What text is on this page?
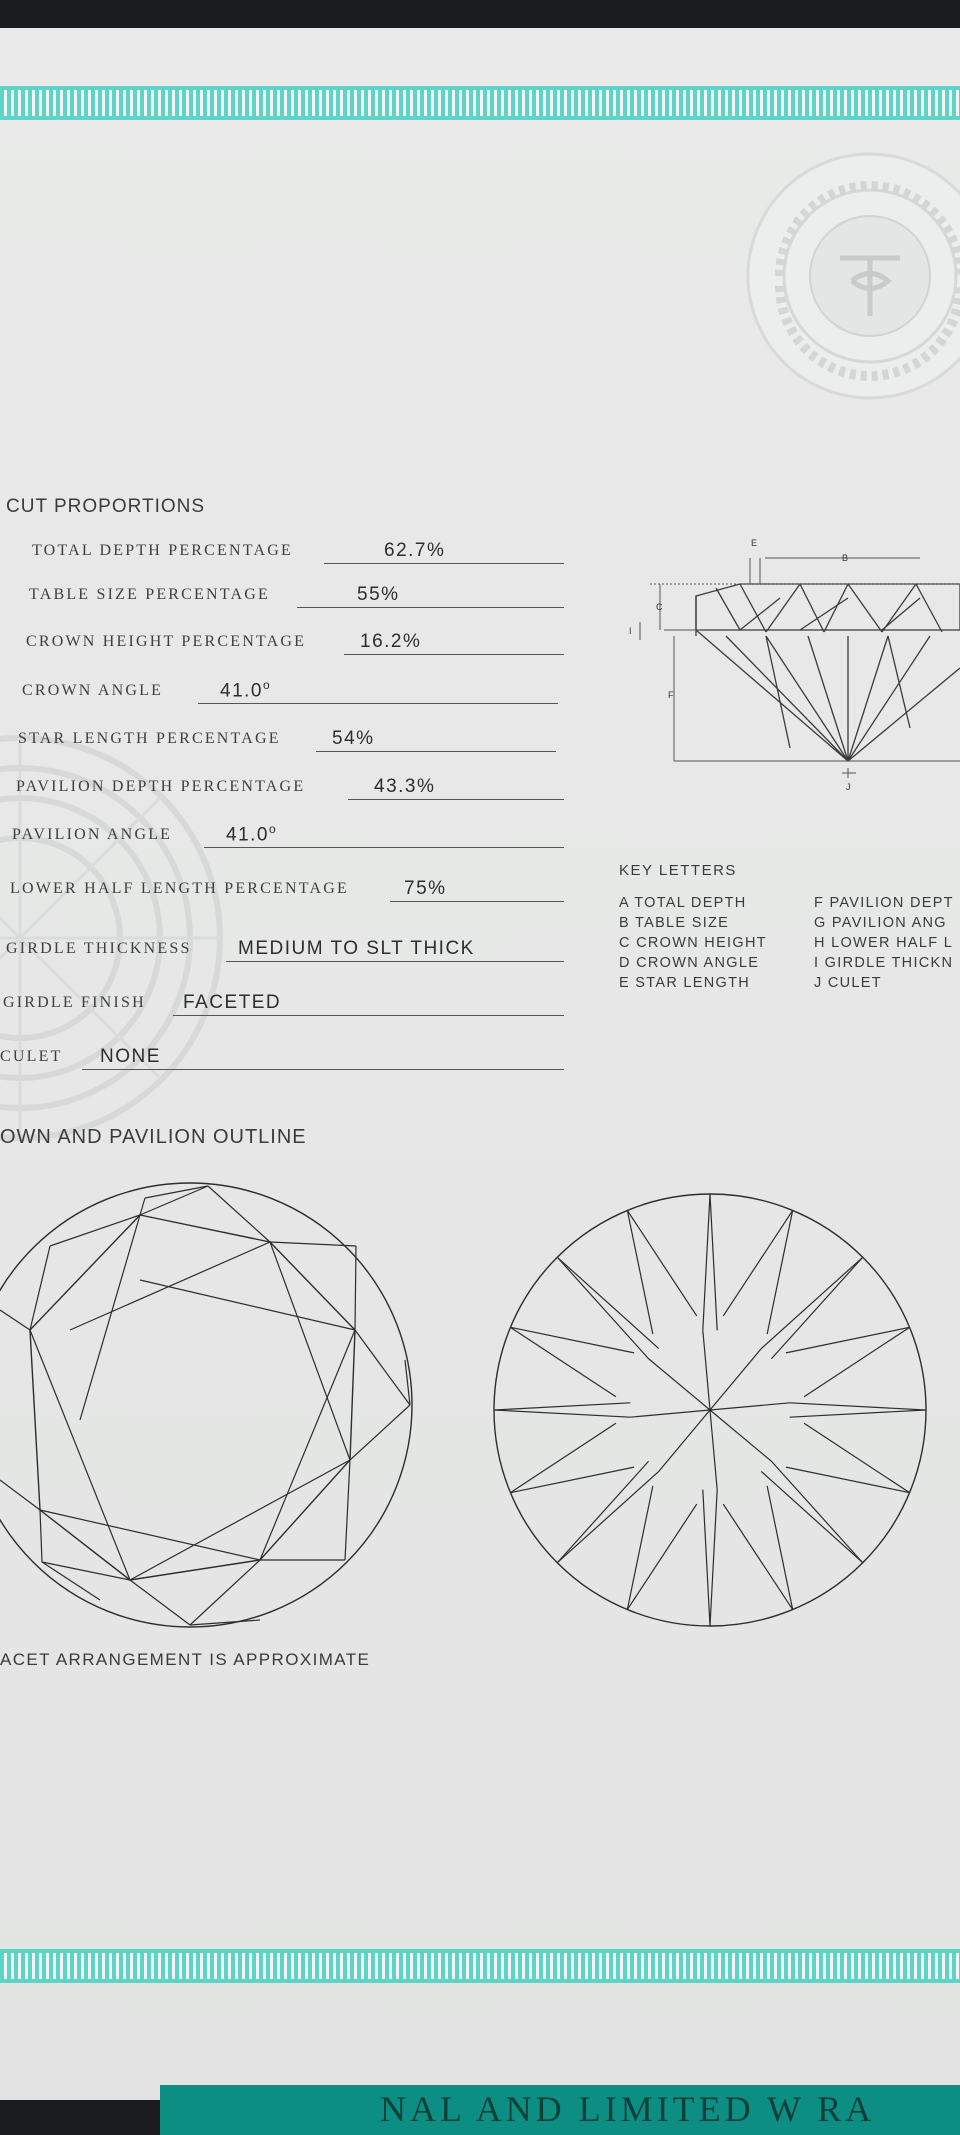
CUT PROPORTIONS
TOTAL DEPTH PERCENTAGE	62.7%
TABLE SIZE PERCENTAGE	55%
CROWN HEIGHT PERCENTAGE	16.2%
CROWN ANGLE	41.0$^o$
STAR LENGTH PERCENTAGE	54%
PAVILION DEPTH PERCENTAGE	43.3%
PAVILION ANGLE	41.0$^o$
LOWER HALF LENGTH PERCENTAGE	75%
GIRDLE THICKNESS MEDIUM TO SLT THICK
GIRDLE FINISH FACETED
CULET NONE
E
B
C
I
F
J
KEY LETTERS
A TOTAL DEPTH
B TABLE SIZE
C CROWN HEIGHT
D CROWN ANGLE
E STAR LENGTH
F PAVILION DEPT
G PAVILION ANG
H LOWER HALF L
I GIRDLE THICKN
J CULET
OWN AND PAVILION OUTLINE
ACET ARRANGEMENT IS APPROXIMATE
NAL AND LIMITED W RA
